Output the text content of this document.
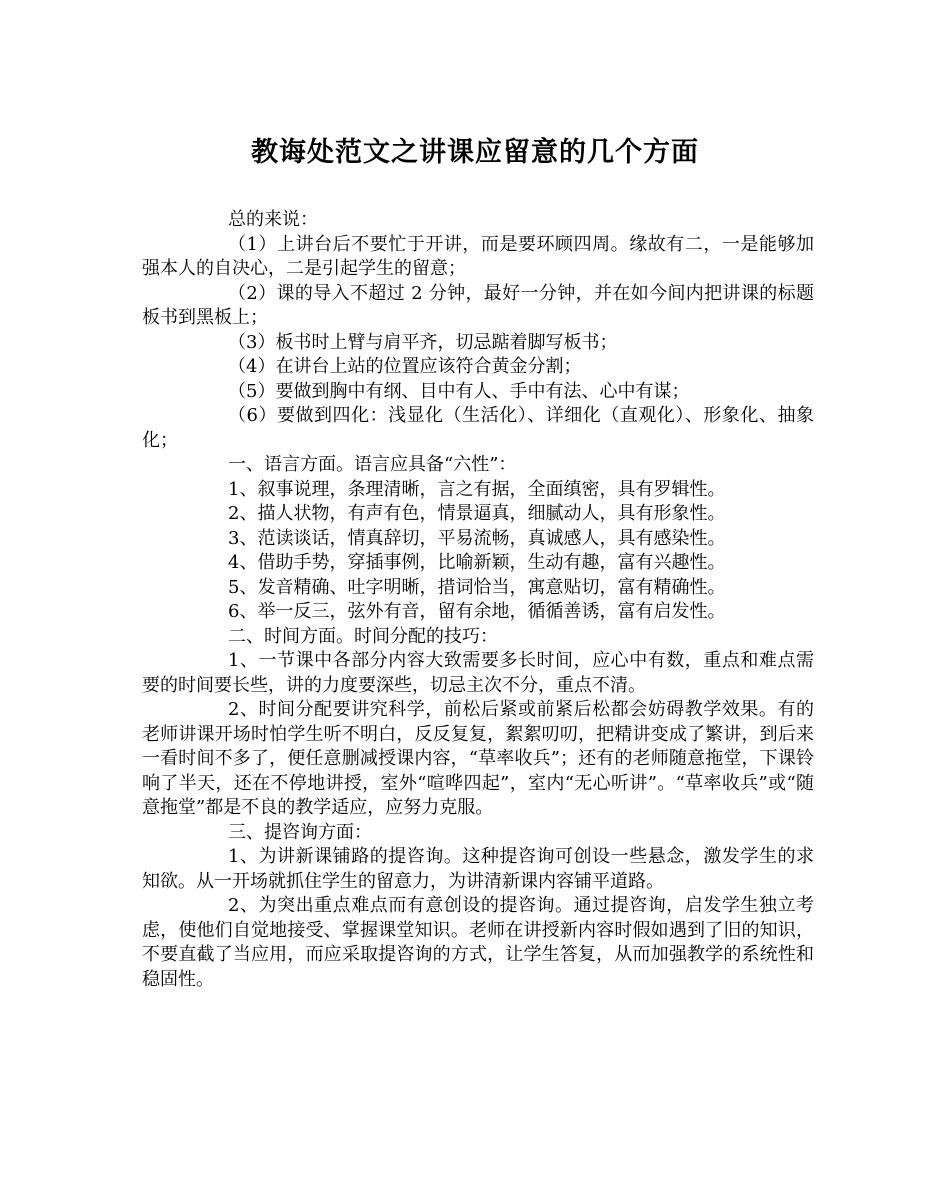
教诲处范文之讲课应留意的几个方面

总的来说：

（1）上讲台后不要忙于开讲，而是要环顾四周。缘故有二，一是能够加强本人的自决心，二是引起学生的留意；

（2）课的导入不超过 2 分钟，最好一分钟，并在如今间内把讲课的标题板书到黑板上；

（3）板书时上臂与肩平齐，切忌踮着脚写板书；

（4）在讲台上站的位置应该符合黄金分割；

（5）要做到胸中有纲、目中有人、手中有法、心中有谋；

（6）要做到四化：浅显化（生活化）、详细化（直观化）、形象化、抽象化；

一、语言方面。语言应具备“六性”：

1、叙事说理，条理清晰，言之有据，全面缜密，具有罗辑性。

2、描人状物，有声有色，情景逼真，细腻动人，具有形象性。

3、范读谈话，情真辞切，平易流畅，真诚感人，具有感染性。

4、借助手势，穿插事例，比喻新颖，生动有趣，富有兴趣性。

5、发音精确、吐字明晰，措词恰当，寓意贴切，富有精确性。

6、举一反三，弦外有音，留有余地，循循善诱，富有启发性。

二、时间方面。时间分配的技巧：

1、一节课中各部分内容大致需要多长时间，应心中有数，重点和难点需要的时间要长些，讲的力度要深些，切忌主次不分，重点不清。

2、时间分配要讲究科学，前松后紧或前紧后松都会妨碍教学效果。有的老师讲课开场时怕学生听不明白，反反复复，絮絮叨叨，把精讲变成了繁讲，到后来一看时间不多了，便任意删减授课内容，“草率收兵”；还有的老师随意拖堂，下课铃响了半天，还在不停地讲授，室外“喧哗四起”，室内“无心听讲”。“草率收兵”或“随意拖堂”都是不良的教学适应，应努力克服。

三、提咨询方面：

1、为讲新课铺路的提咨询。这种提咨询可创设一些悬念，激发学生的求知欲。从一开场就抓住学生的留意力，为讲清新课内容铺平道路。

2、为突出重点难点而有意创设的提咨询。通过提咨询，启发学生独立考虑，使他们自觉地接受、掌握课堂知识。老师在讲授新内容时假如遇到了旧的知识，不要直截了当应用，而应采取提咨询的方式，让学生答复，从而加强教学的系统性和稳固性。
